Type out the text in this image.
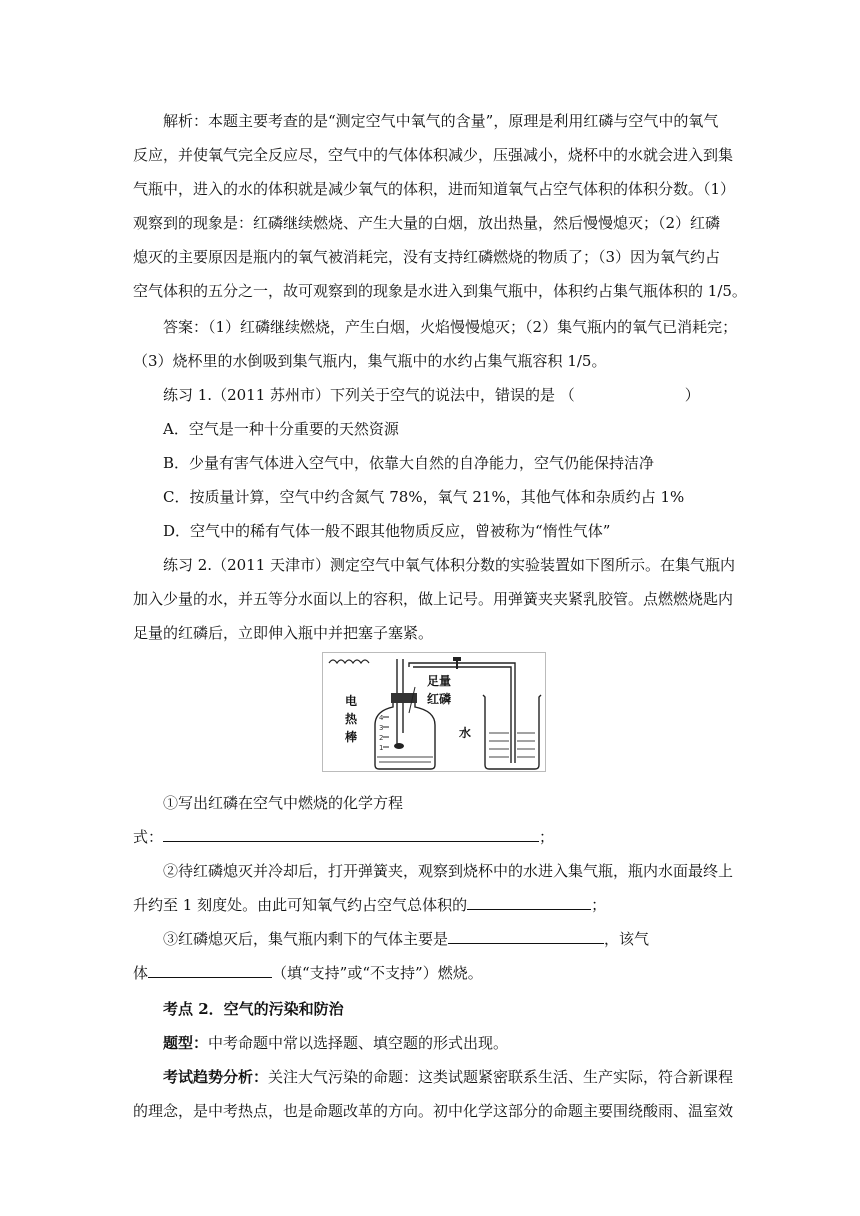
解析：本题主要考查的是“测定空气中氧气的含量”，原理是利用红磷与空气中的氧气
反应，并使氧气完全反应尽，空气中的气体体积减少，压强减小，烧杯中的水就会进入到集
气瓶中，进入的水的体积就是减少氧气的体积，进而知道氧气占空气体积的体积分数。（1）
观察到的现象是：红磷继续燃烧、产生大量的白烟，放出热量，然后慢慢熄灭；（2）红磷
熄灭的主要原因是瓶内的氧气被消耗完，没有支持红磷燃烧的物质了；（3）因为氧气约占
空气体积的五分之一，故可观察到的现象是水进入到集气瓶中，体积约占集气瓶体积的 1/5。
答案：（1）红磷继续燃烧，产生白烟，火焰慢慢熄灭；（2）集气瓶内的氧气已消耗完；
（3）烧杯里的水倒吸到集气瓶内，集气瓶中的水约占集气瓶容积 1/5。
练习 1.（2011 苏州市）下列关于空气的说法中，错误的是 （	）
A．空气是一种十分重要的天然资源
B．少量有害气体进入空气中，依靠大自然的自净能力，空气仍能保持洁净
C．按质量计算，空气中约含氮气 78%，氧气 21%，其他气体和杂质约占 1%
D．空气中的稀有气体一般不跟其他物质反应，曾被称为“惰性气体”
练习 2.（2011 天津市）测定空气中氧气体积分数的实验装置如下图所示。在集气瓶内
加入少量的水，并五等分水面以上的容积，做上记号。用弹簧夹夹紧乳胶管。点燃燃烧匙内
足量的红磷后，立即伸入瓶中并把塞子塞紧。
4
3
2
1
电
热
棒
足量
红磷
水
①写出红磷在空气中燃烧的化学方程
式：	；
②待红磷熄灭并冷却后，打开弹簧夹，观察到烧杯中的水进入集气瓶，瓶内水面最终上
升约至 1 刻度处。由此可知氧气约占空气总体积的	；
③红磷熄灭后，集气瓶内剩下的气体主要是	，该气
体	（填“支持”或“不支持”）燃烧。
考点 2．空气的污染和防治
题型：中考命题中常以选择题、填空题的形式出现。
考试趋势分析：关注大气污染的命题：这类试题紧密联系生活、生产实际，符合新课程
的理念，是中考热点，也是命题改革的方向。初中化学这部分的命题主要围绕酸雨、温室效
